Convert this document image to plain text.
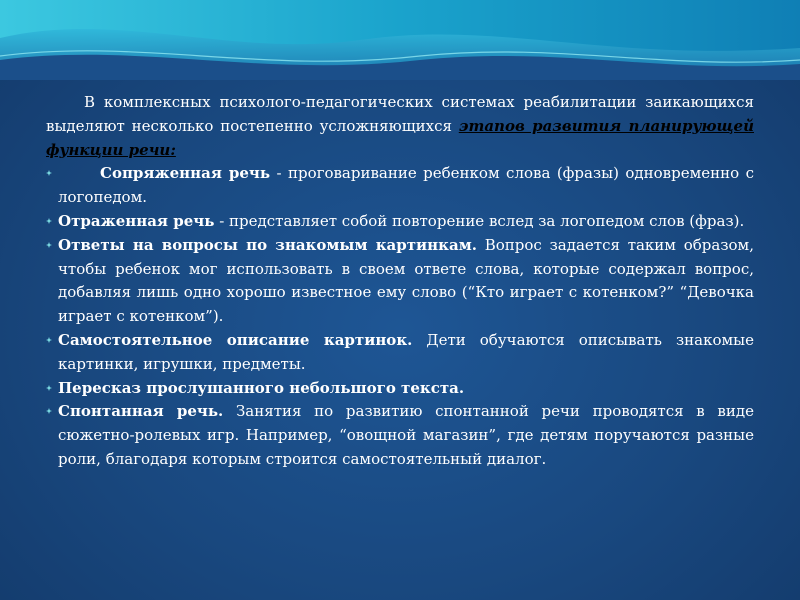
В комплексных психолого-педагогических системах реабилитации заикающихся выделяют несколько постепенно усложняющихся этапов развития планирующей функции речи:

Сопряженная речь - проговаривание ребенком слова (фразы) одновременно с логопедом.
Отраженная речь - представляет собой повторение вслед за логопедом слов (фраз).
Ответы на вопросы по знакомым картинкам. Вопрос задается таким образом, чтобы ребенок мог использовать в своем ответе слова, которые содержал вопрос, добавляя лишь одно хорошо известное ему слово (“Кто играет с котенком?” “Девочка играет с котенком”).
Самостоятельное описание картинок. Дети обучаются описывать знакомые картинки, игрушки, предметы.
Пересказ прослушанного небольшого текста.
Спонтанная речь. Занятия по развитию спонтанной речи проводятся в виде сюжетно-ролевых игр. Например, “овощной магазин”, где детям поручаются разные роли, благодаря которым строится самостоятельный диалог.
